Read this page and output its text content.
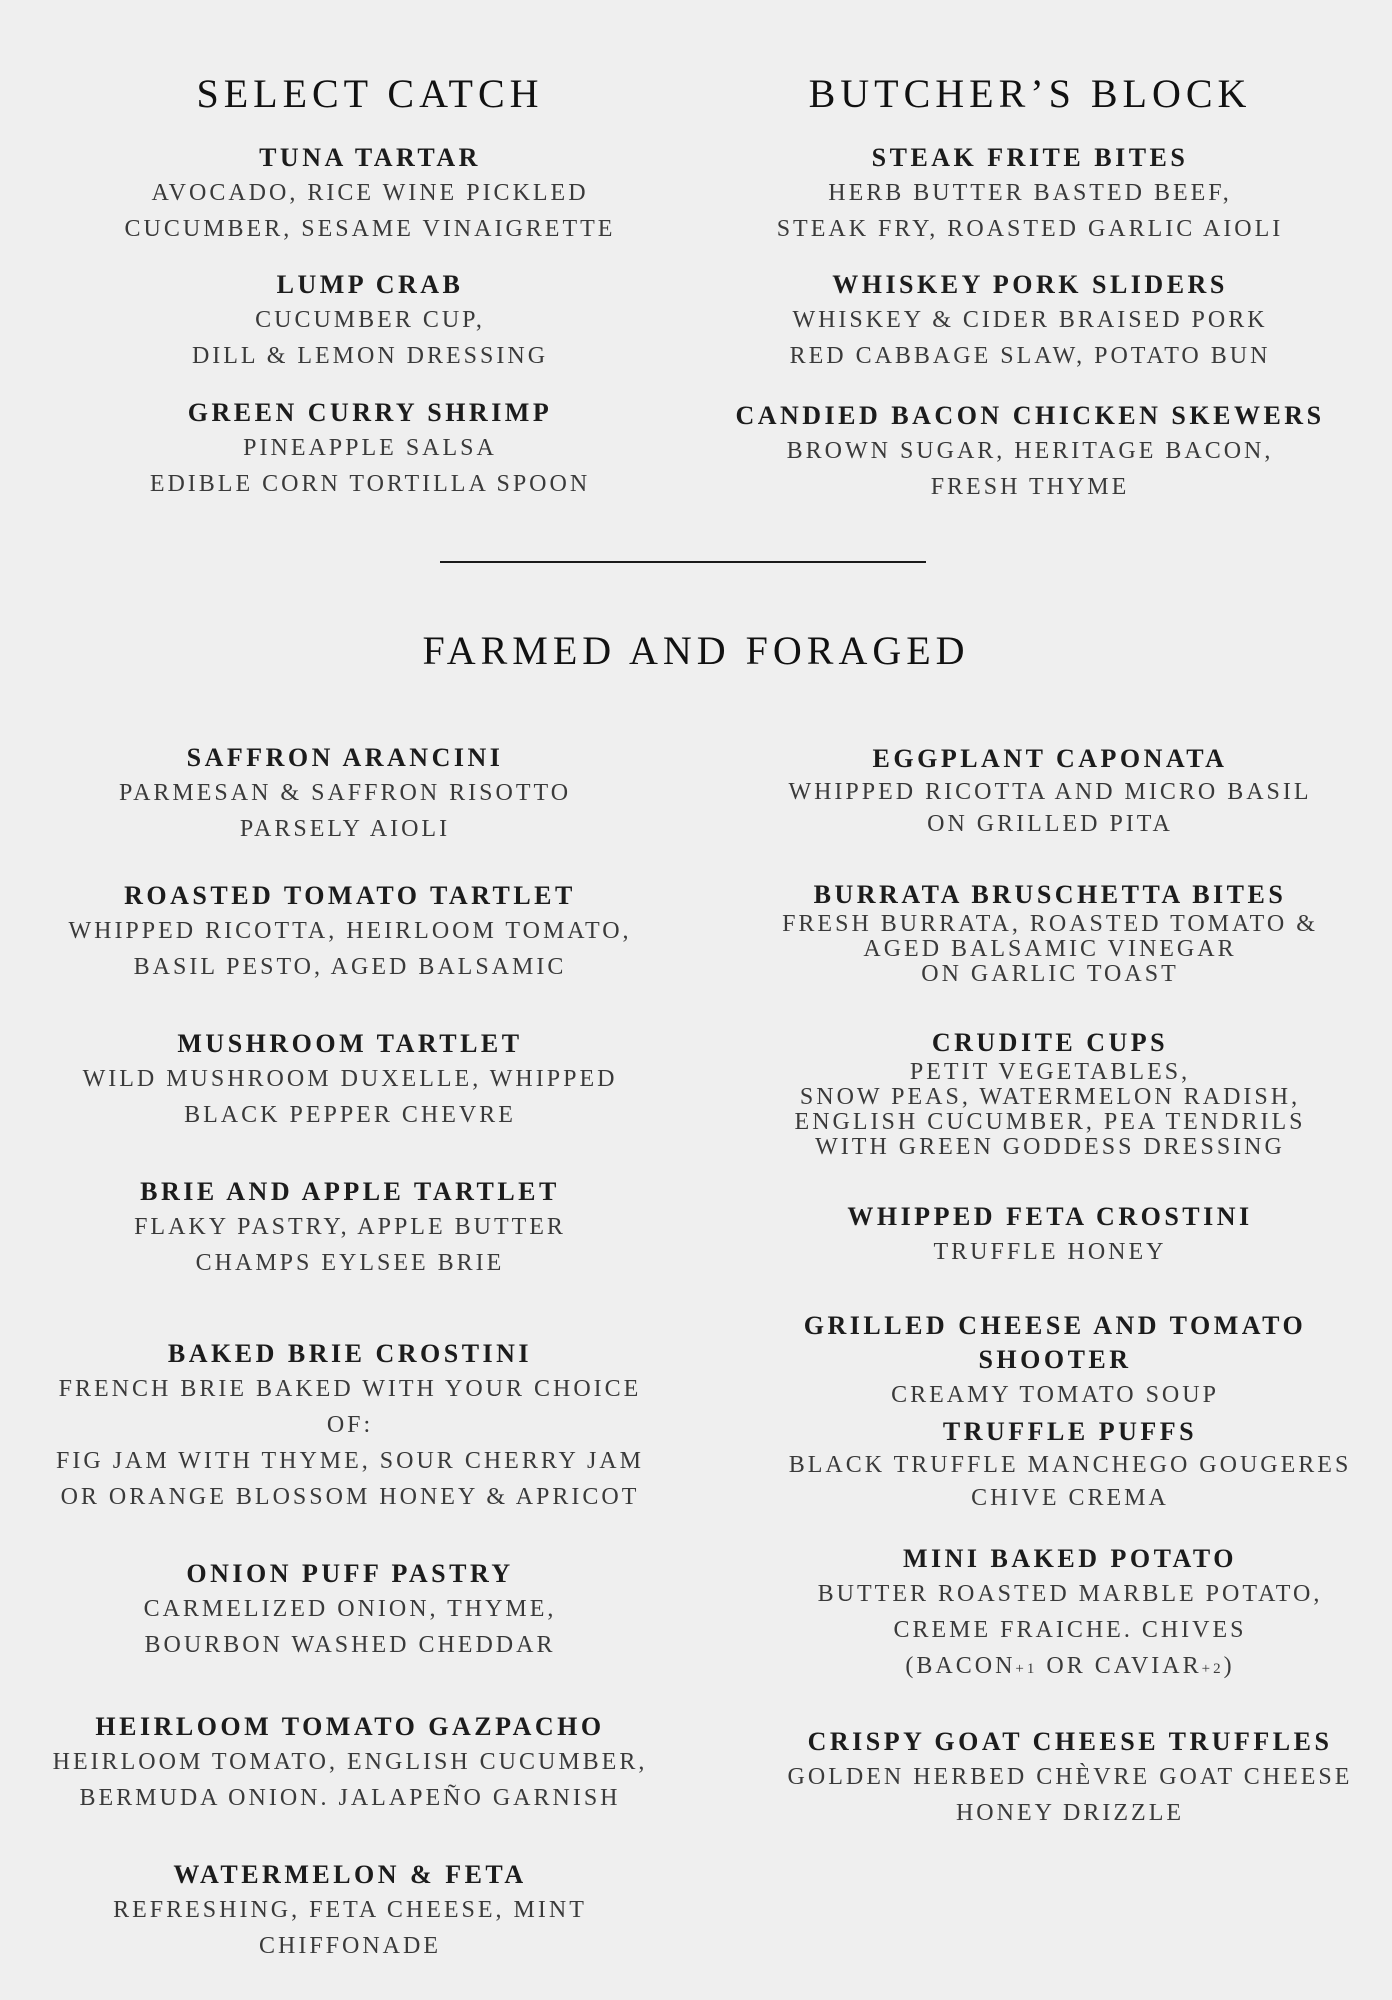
SELECT CATCH
TUNA TARTAR
AVOCADO, RICE WINE PICKLED
CUCUMBER, SESAME VINAIGRETTE
LUMP CRAB
CUCUMBER CUP,
DILL & LEMON DRESSING
GREEN CURRY SHRIMP
PINEAPPLE SALSA
EDIBLE CORN TORTILLA SPOON
BUTCHER’S BLOCK
STEAK FRITE BITES
HERB BUTTER BASTED BEEF,
STEAK FRY, ROASTED GARLIC AIOLI
WHISKEY PORK SLIDERS
WHISKEY & CIDER BRAISED PORK
RED CABBAGE SLAW, POTATO BUN
CANDIED BACON CHICKEN SKEWERS
BROWN SUGAR, HERITAGE BACON,
FRESH THYME
FARMED AND FORAGED
SAFFRON ARANCINI
PARMESAN & SAFFRON RISOTTO
PARSELY AIOLI
ROASTED TOMATO TARTLET
WHIPPED RICOTTA, HEIRLOOM TOMATO,
BASIL PESTO, AGED BALSAMIC
MUSHROOM TARTLET
WILD MUSHROOM DUXELLE, WHIPPED
BLACK PEPPER CHEVRE
BRIE AND APPLE TARTLET
FLAKY PASTRY, APPLE BUTTER
CHAMPS EYLSEE BRIE
BAKED BRIE CROSTINI
FRENCH BRIE BAKED WITH YOUR CHOICE
OF:
FIG JAM WITH THYME, SOUR CHERRY JAM
OR ORANGE BLOSSOM HONEY & APRICOT
ONION PUFF PASTRY
CARMELIZED ONION, THYME,
BOURBON WASHED CHEDDAR
HEIRLOOM TOMATO GAZPACHO
HEIRLOOM TOMATO, ENGLISH CUCUMBER,
BERMUDA ONION. JALAPEÑO GARNISH
WATERMELON & FETA
REFRESHING, FETA CHEESE, MINT
CHIFFONADE
EGGPLANT CAPONATA
WHIPPED RICOTTA AND MICRO BASIL
ON GRILLED PITA
BURRATA BRUSCHETTA BITES
FRESH BURRATA, ROASTED TOMATO &
AGED BALSAMIC VINEGAR
ON GARLIC TOAST
CRUDITE CUPS
PETIT VEGETABLES,
SNOW PEAS, WATERMELON RADISH,
ENGLISH CUCUMBER, PEA TENDRILS
WITH GREEN GODDESS DRESSING
WHIPPED FETA CROSTINI
TRUFFLE HONEY
GRILLED CHEESE AND TOMATO SHOOTER
CREAMY TOMATO SOUP
TRUFFLE PUFFS
BLACK TRUFFLE MANCHEGO GOUGERES
CHIVE CREMA
MINI BAKED POTATO
BUTTER ROASTED MARBLE POTATO,
CREME FRAICHE. CHIVES
(BACON+1 OR CAVIAR+2)
CRISPY GOAT CHEESE TRUFFLES
GOLDEN HERBED CHÈVRE GOAT CHEESE
HONEY DRIZZLE
